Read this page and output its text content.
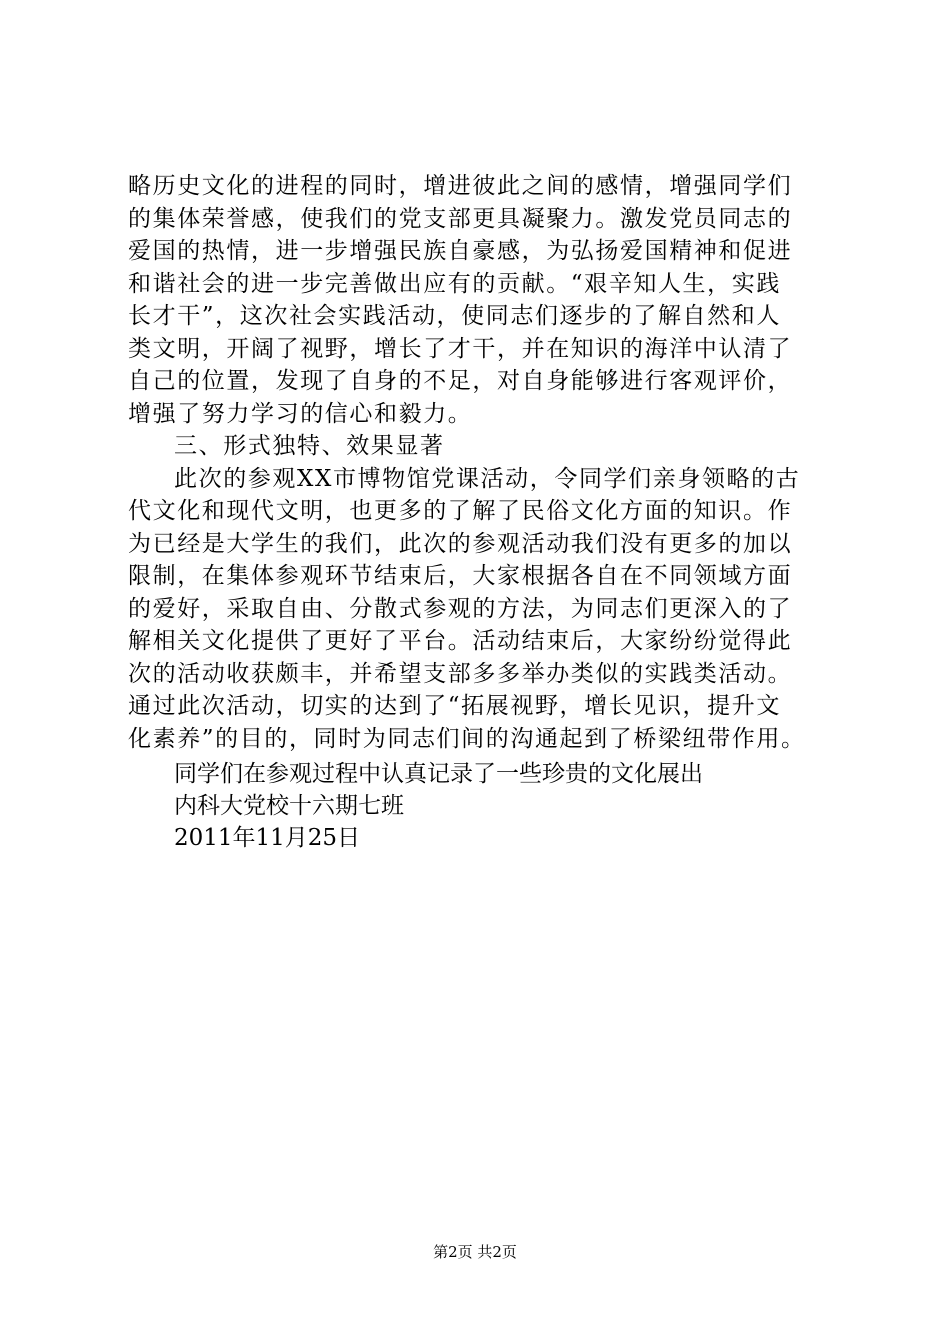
略历史文化的进程的同时，增进彼此之间的感情，增强同学们
的集体荣誉感，使我们的党支部更具凝聚力。激发党员同志的
爱国的热情，进一步增强民族自豪感，为弘扬爱国精神和促进
和谐社会的进一步完善做出应有的贡献。“艰辛知人生，实践
长才干”，这次社会实践活动，使同志们逐步的了解自然和人
类文明，开阔了视野，增长了才干，并在知识的海洋中认清了
自己的位置，发现了自身的不足，对自身能够进行客观评价，
增强了努力学习的信心和毅力。
三、形式独特、效果显著
此次的参观XX市博物馆党课活动，令同学们亲身领略的古
代文化和现代文明，也更多的了解了民俗文化方面的知识。作
为已经是大学生的我们，此次的参观活动我们没有更多的加以
限制，在集体参观环节结束后，大家根据各自在不同领域方面
的爱好，采取自由、分散式参观的方法，为同志们更深入的了
解相关文化提供了更好了平台。活动结束后，大家纷纷觉得此
次的活动收获颇丰，并希望支部多多举办类似的实践类活动。
通过此次活动，切实的达到了“拓展视野，增长见识，提升文
化素养”的目的，同时为同志们间的沟通起到了桥梁纽带作用。
同学们在参观过程中认真记录了一些珍贵的文化展出
内科大党校十六期七班
2011年11月25日
第2页 共2页
